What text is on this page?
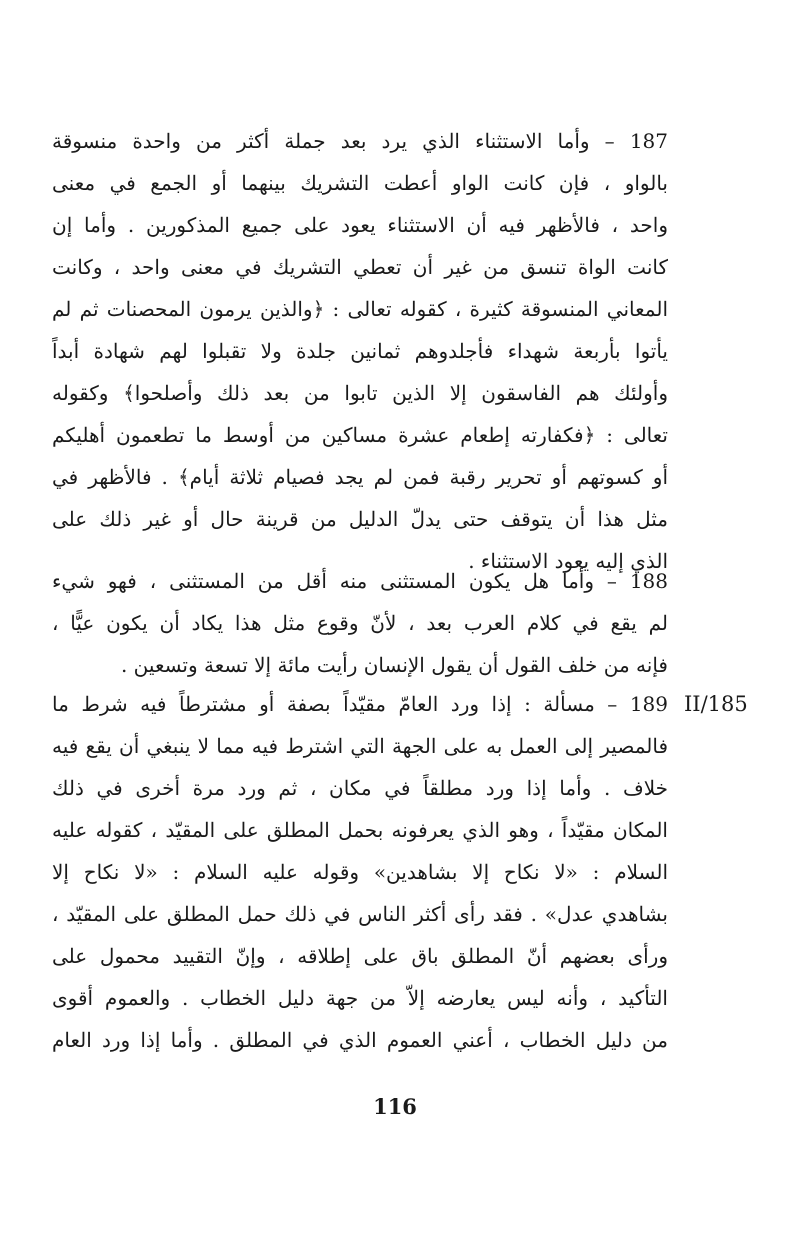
187 – وأما الاستثناء الذي يرد بعد جملة أكثر من واحدة منسوقة
بالواو ، فإن كانت الواو أعطت التشريك بينهما أو الجمع في معنى
واحد ، فالأظهر فيه أن الاستثناء يعود على جميع المذكورين . وأما إن
كانت الواة تنسق من غير أن تعطي التشريك في معنى واحد ، وكانت
المعاني المنسوقة كثيرة ، كقوله تعالى : ﴿والذين يرمون المحصنات ثم لم
يأتوا بأربعة شهداء فأجلدوهم ثمانين جلدة ولا تقبلوا لهم شهادة أبداً
وأولئك هم الفاسقون إلا الذين تابوا من بعد ذلك وأصلحوا﴾ وكقوله
تعالى : ﴿فكفارته إطعام عشرة مساكين من أوسط ما تطعمون أهليكم
أو كسوتهم أو تحرير رقبة فمن لم يجد فصيام ثلاثة أيام﴾ . فالأظهر في
مثل هذا أن يتوقف حتى يدلّ الدليل من قرينة حال أو غير ذلك على
الذي إليه يعود الاستثناء .
188 – وأما هل يكون المستثنى منه أقل من المستثنى ، فهو شيء
لم يقع في كلام العرب بعد ، لأنّ وقوع مثل هذا يكاد أن يكون عيًّا ،
فإنه من خلف القول أن يقول الإنسان رأيت مائة إلا تسعة وتسعين .
II/185
189 – مسألة : إذا ورد العامّ مقيّداً بصفة أو مشترطاً فيه شرط ما
فالمصير إلى العمل به على الجهة التي اشترط فيه مما لا ينبغي أن يقع فيه
خلاف . وأما إذا ورد مطلقاً في مكان ، ثم ورد مرة أخرى في ذلك
المكان مقيّداً ، وهو الذي يعرفونه بحمل المطلق على المقيّد ، كقوله عليه
السلام : «لا نكاح إلا بشاهدين» وقوله عليه السلام : «لا نكاح إلا
بشاهدي عدل» . فقد رأى أكثر الناس في ذلك حمل المطلق على المقيّد ،
ورأى بعضهم أنّ المطلق باق على إطلاقه ، وإنّ التقييد محمول على
التأكيد ، وأنه ليس يعارضه إلاّ من جهة دليل الخطاب . والعموم أقوى
من دليل الخطاب ، أعني العموم الذي في المطلق . وأما إذا ورد العام
116
